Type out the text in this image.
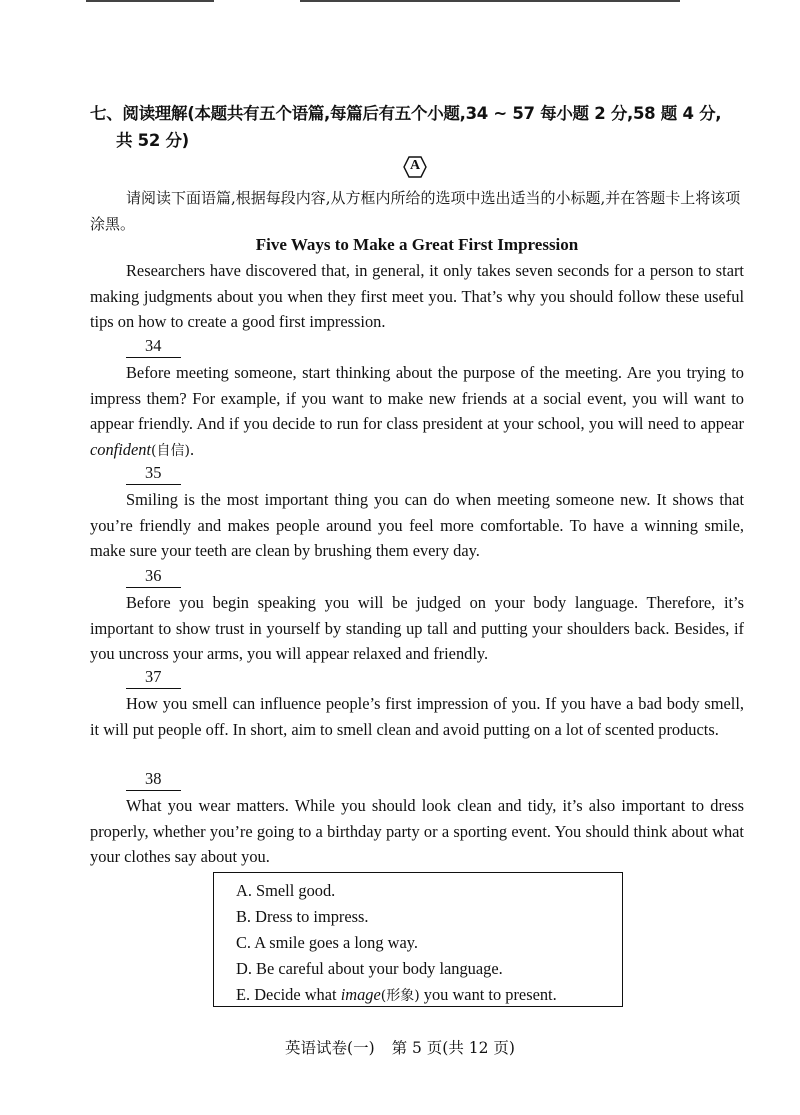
七、阅读理解(本题共有五个语篇,每篇后有五个小题,34 ~ 57 每小题 2 分,58 题 4 分,
共 52 分)
A
请阅读下面语篇,根据每段内容,从方框内所给的选项中选出适当的小标题,并在答题卡上将该项涂黑。
Five Ways to Make a Great First Impression
Researchers have discovered that, in general, it only takes seven seconds for a person to start making judgments about you when they first meet you. That’s why you should follow these useful tips on how to create a good first impression.
34
Before meeting someone, start thinking about the purpose of the meeting. Are you trying to impress them? For example, if you want to make new friends at a social event, you will want to appear friendly. And if you decide to run for class president at your school, you will need to appear confident(自信).
35
Smiling is the most important thing you can do when meeting someone new. It shows that you’re friendly and makes people around you feel more comfortable. To have a winning smile, make sure your teeth are clean by brushing them every day.
36
Before you begin speaking you will be judged on your body language. Therefore, it’s important to show trust in yourself by standing up tall and putting your shoulders back. Besides, if you uncross your arms, you will appear relaxed and friendly.
37
How you smell can influence people’s first impression of you. If you have a bad body smell, it will put people off. In short, aim to smell clean and avoid putting on a lot of scented products.
38
What you wear matters. While you should look clean and tidy, it’s also important to dress properly, whether you’re going to a birthday party or a sporting event. You should think about what your clothes say about you.
A. Smell good.
B. Dress to impress.
C. A smile goes a long way.
D. Be careful about your body language.
E. Decide what image(形象) you want to present.
英语试卷(一) 第 5 页(共 12 页)
